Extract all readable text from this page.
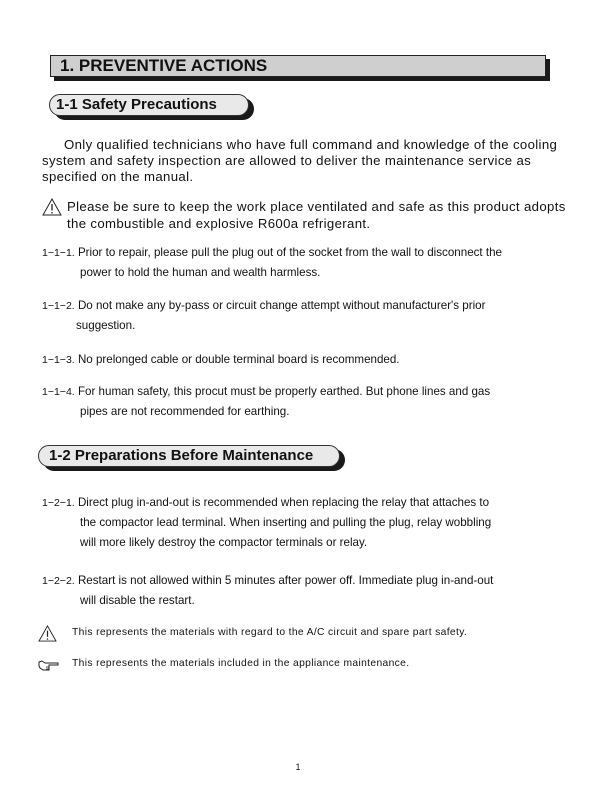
1. PREVENTIVE ACTIONS
1-1 Safety Precautions
Only qualified technicians who have full command and knowledge of the cooling system and safety inspection are allowed to deliver the maintenance service as specified on the manual.
Please be sure to keep the work place ventilated and safe as this product adopts the combustible and explosive R600a refrigerant.
1−1−1. Prior to repair, please pull the plug out of the socket from the wall to disconnect the
power to hold the human and wealth harmless.
1−1−2. Do not make any by-pass or circuit change attempt without manufacturer's prior
suggestion.
1−1−3. No prelonged cable or double terminal board is recommended.
1−1−4. For human safety, this procut must be properly earthed. But phone lines and gas
pipes are not recommended for earthing.
1-2 Preparations Before Maintenance
1−2−1. Direct plug in-and-out is recommended when replacing the relay that attaches to
the compactor lead terminal. When inserting and pulling the plug, relay wobbling
will more likely destroy the compactor terminals or relay.
1−2−2. Restart is not allowed within 5 minutes after power off. Immediate plug in-and-out
will disable the restart.
This represents the materials with regard to the A/C circuit and spare part safety.
This represents the materials included in the appliance maintenance.
1
